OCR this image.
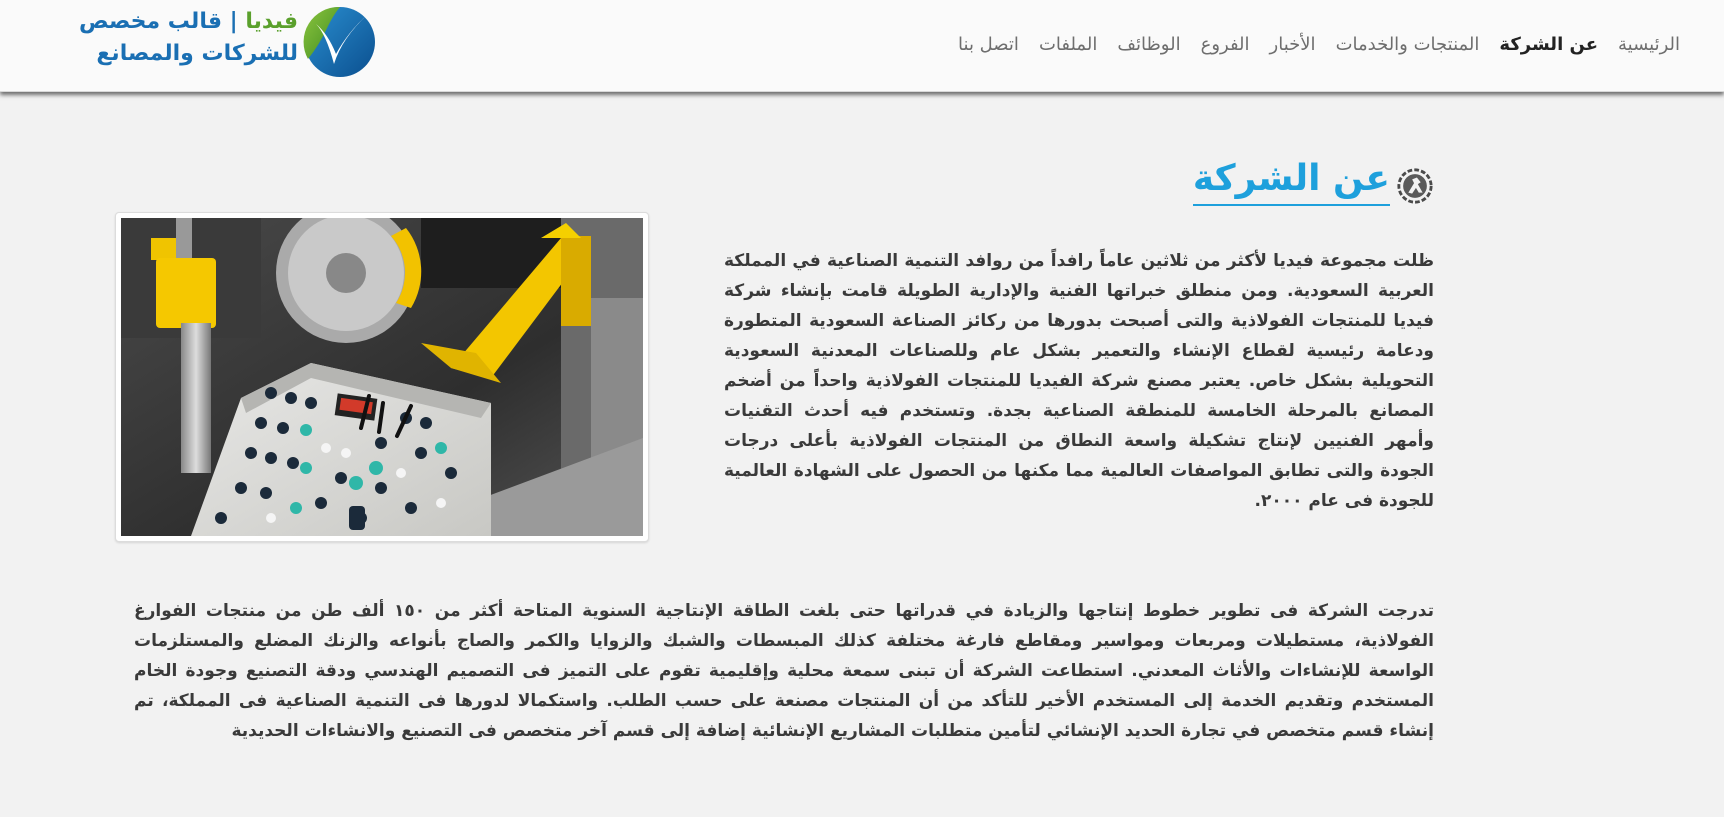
الرئيسية
عن الشركة
المنتجات والخدمات
الأخبار
الفروع
الوظائف
الملفات
اتصل بنا
فيديا | قالب مخصص
للشركات والمصانع
عن الشركة

ظلت مجموعة فيديا لأكثر من ثلاثين عاماً رافداً من روافد التنمية الصناعية في المملكة العربية السعودية. ومن منطلق خبراتها الفنية والإدارية الطويلة قامت بإنشاء شركة فيديا للمنتجات الفولاذية والتى أصبحت بدورها من ركائز الصناعة السعودية المتطورة ودعامة رئيسية لقطاع الإنشاء والتعمير بشكل عام وللصناعات المعدنية السعودية التحويلية بشكل خاص. يعتبر مصنع شركة الفيديا للمنتجات الفولاذية واحداً من أضخم المصانع بالمرحلة الخامسة للمنطقة الصناعية بجدة. وتستخدم فيه أحدث التقنيات وأمهر الفنيين لإنتاج تشكيلة واسعة النطاق من المنتجات الفولاذية بأعلى درجات الجودة والتى تطابق المواصفات العالمية مما مكنها من الحصول على الشهادة العالمية للجودة فى عام ٢٠٠٠.

تدرجت الشركة فى تطوير خطوط إنتاجها والزيادة في قدراتها حتى بلغت الطاقة الإنتاجية السنوية المتاحة أكثر من ١٥٠ ألف طن من منتجات الفوارغ الفولاذية، مستطيلات ومربعات ومواسير ومقاطع فارغة مختلفة كذلك المبسطات والشبك والزوايا والكمر والصاج بأنواعه والزنك المضلع والمستلزمات الواسعة للإنشاءات والأثاث المعدني. استطاعت الشركة أن تبنى سمعة محلية وإقليمية تقوم على التميز فى التصميم الهندسي ودقة التصنيع وجودة الخام المستخدم وتقديم الخدمة إلى المستخدم الأخير للتأكد من أن المنتجات مصنعة على حسب الطلب. واستكمالا لدورها فى التنمية الصناعية فى المملكة، تم إنشاء قسم متخصص في تجارة الحديد الإنشائي لتأمين متطلبات المشاريع الإنشائية إضافة إلى قسم آخر متخصص فى التصنيع والانشاءات الحديدية
